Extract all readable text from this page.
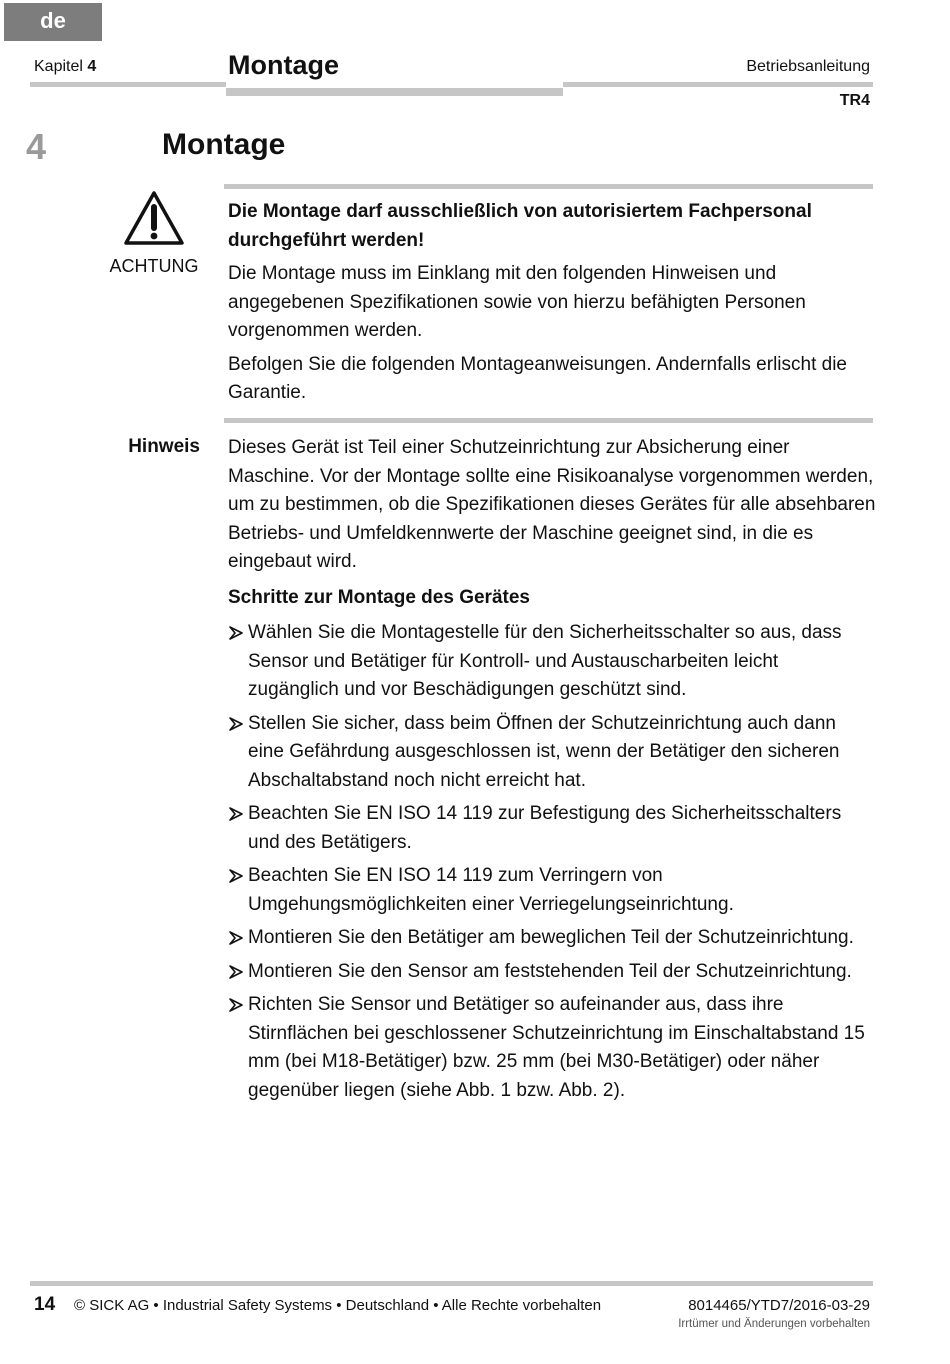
de
Kapitel 4	Montage	Betriebsanleitung
TR4
4	Montage
ACHTUNG
Die Montage darf ausschließlich von autorisiertem Fachpersonal durchgeführt werden!
Die Montage muss im Einklang mit den folgenden Hinweisen und angegebenen Spezifikationen sowie von hierzu befähigten Personen vorgenommen werden.
Befolgen Sie die folgenden Montageanweisungen. Andernfalls erlischt die Garantie.
Hinweis Dieses Gerät ist Teil einer Schutzeinrichtung zur Absicherung einer Maschine. Vor der Montage sollte eine Risikoanalyse vorgenommen werden, um zu bestimmen, ob die Spezifikationen dieses Gerätes für alle absehbaren Betriebs- und Umfeldkennwerte der Maschine geeignet sind, in die es eingebaut wird.
Schritte zur Montage des Gerätes
Wählen Sie die Montagestelle für den Sicherheitsschalter so aus, dass Sensor und Betätiger für Kontroll- und Austauscharbeiten leicht zugänglich und vor Beschädigungen geschützt sind.
Stellen Sie sicher, dass beim Öffnen der Schutzeinrichtung auch dann eine Gefährdung ausgeschlossen ist, wenn der Betätiger den sicheren Abschaltabstand noch nicht erreicht hat.
Beachten Sie EN ISO 14 119 zur Befestigung des Sicherheitsschalters und des Betätigers.
Beachten Sie EN ISO 14 119 zum Verringern von Umgehungsmöglichkeiten einer Verriegelungseinrichtung.
Montieren Sie den Betätiger am beweglichen Teil der Schutzeinrichtung.
Montieren Sie den Sensor am feststehenden Teil der Schutzeinrichtung.
Richten Sie Sensor und Betätiger so aufeinander aus, dass ihre Stirnflächen bei geschlossener Schutzeinrichtung im Einschaltabstand 15 mm (bei M18-Betätiger) bzw. 25 mm (bei M30-Betätiger) oder näher gegenüber liegen (siehe Abb. 1 bzw. Abb. 2).
14 © SICK AG • Industrial Safety Systems • Deutschland • Alle Rechte vorbehalten	8014465/YTD7/2016-03-29
Irrtümer und Änderungen vorbehalten
